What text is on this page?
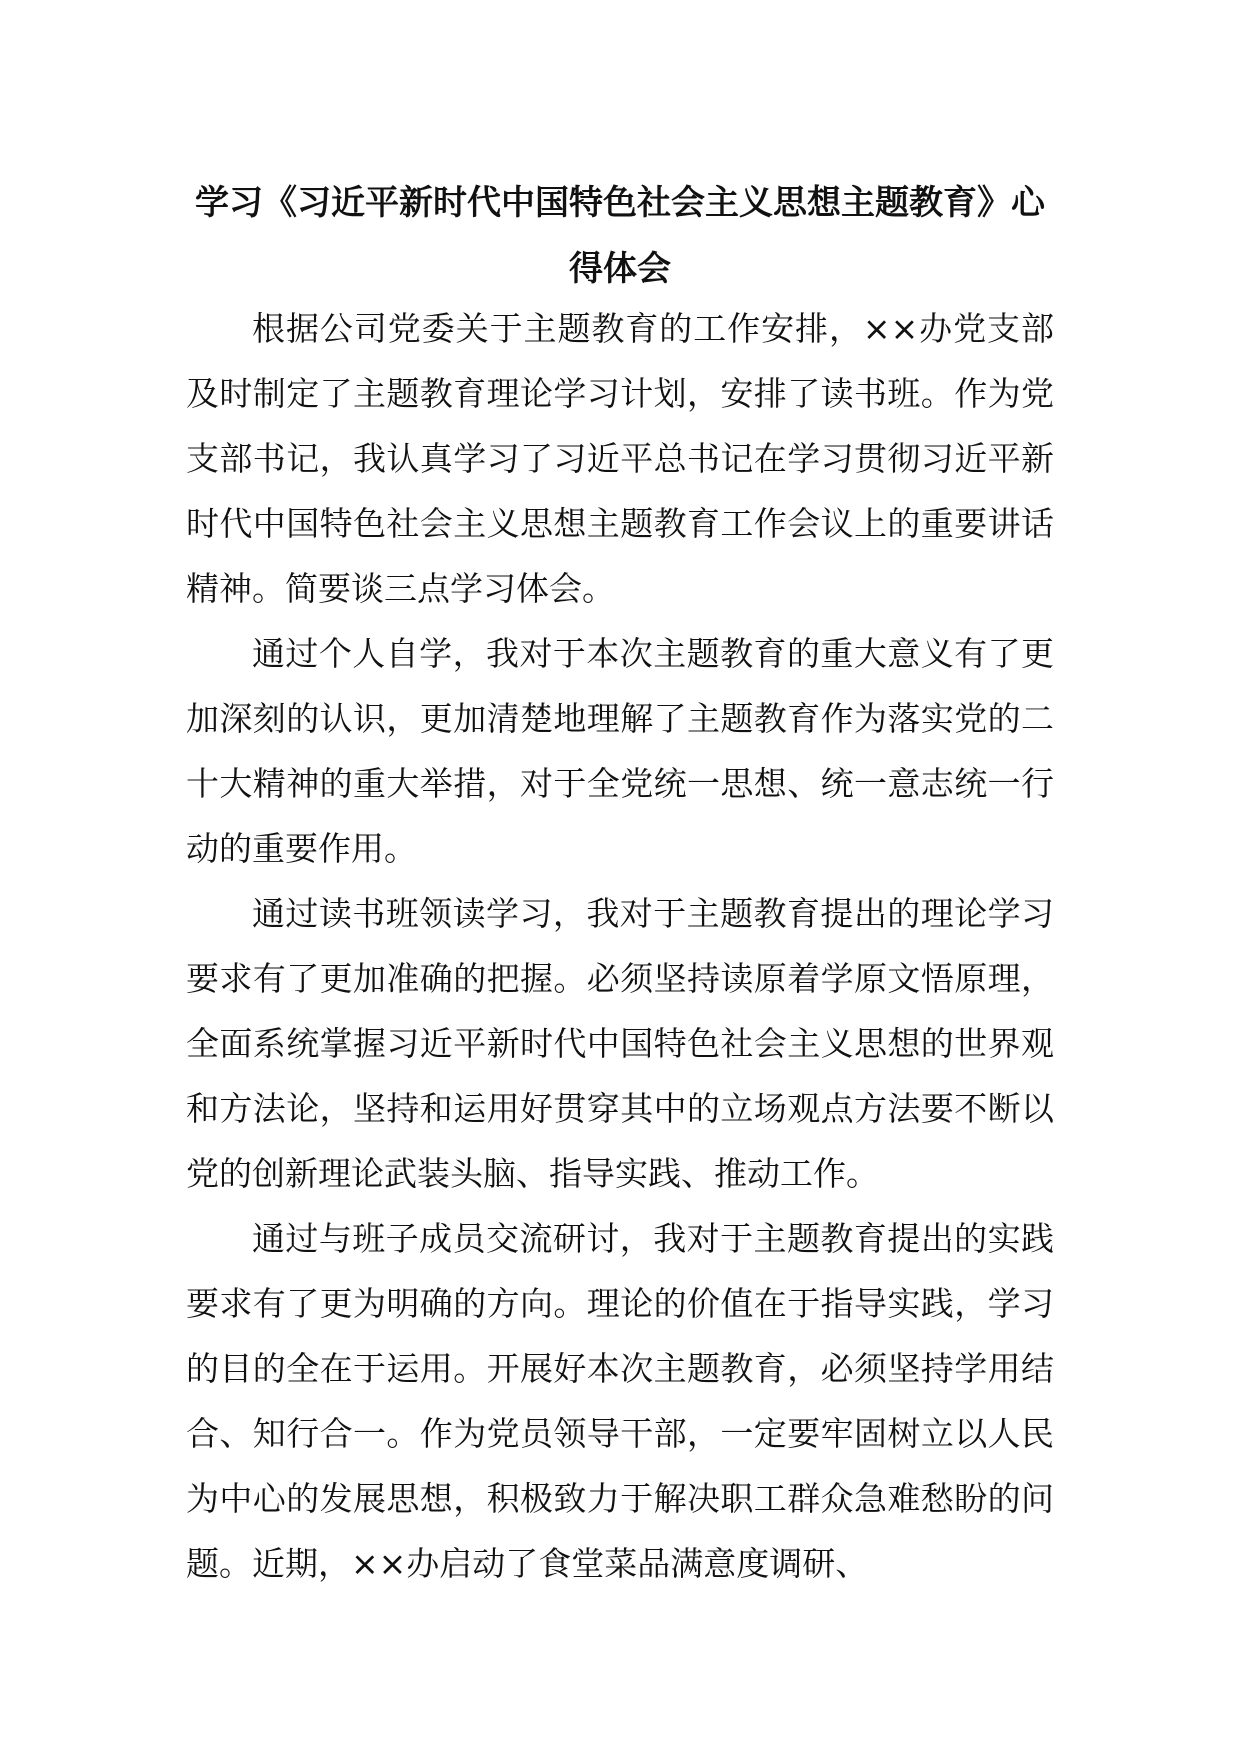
学习《习近平新时代中国特色社会主义思想主题教育》心
得体会

根据公司党委关于主题教育的工作安排，××办党支部及时制定了主题教育理论学习计划，安排了读书班。作为党支部书记，我认真学习了习近平总书记在学习贯彻习近平新时代中国特色社会主义思想主题教育工作会议上的重要讲话精神。简要谈三点学习体会。

通过个人自学，我对于本次主题教育的重大意义有了更加深刻的认识，更加清楚地理解了主题教育作为落实党的二十大精神的重大举措，对于全党统一思想、统一意志统一行动的重要作用。

通过读书班领读学习，我对于主题教育提出的理论学习要求有了更加准确的把握。必须坚持读原着学原文悟原理，全面系统掌握习近平新时代中国特色社会主义思想的世界观和方法论，坚持和运用好贯穿其中的立场观点方法要不断以党的创新理论武装头脑、指导实践、推动工作。

通过与班子成员交流研讨，我对于主题教育提出的实践要求有了更为明确的方向。理论的价值在于指导实践，学习的目的全在于运用。开展好本次主题教育，必须坚持学用结合、知行合一。作为党员领导干部，一定要牢固树立以人民为中心的发展思想，积极致力于解决职工群众急难愁盼的问题。近期，××办启动了食堂菜品满意度调研、
